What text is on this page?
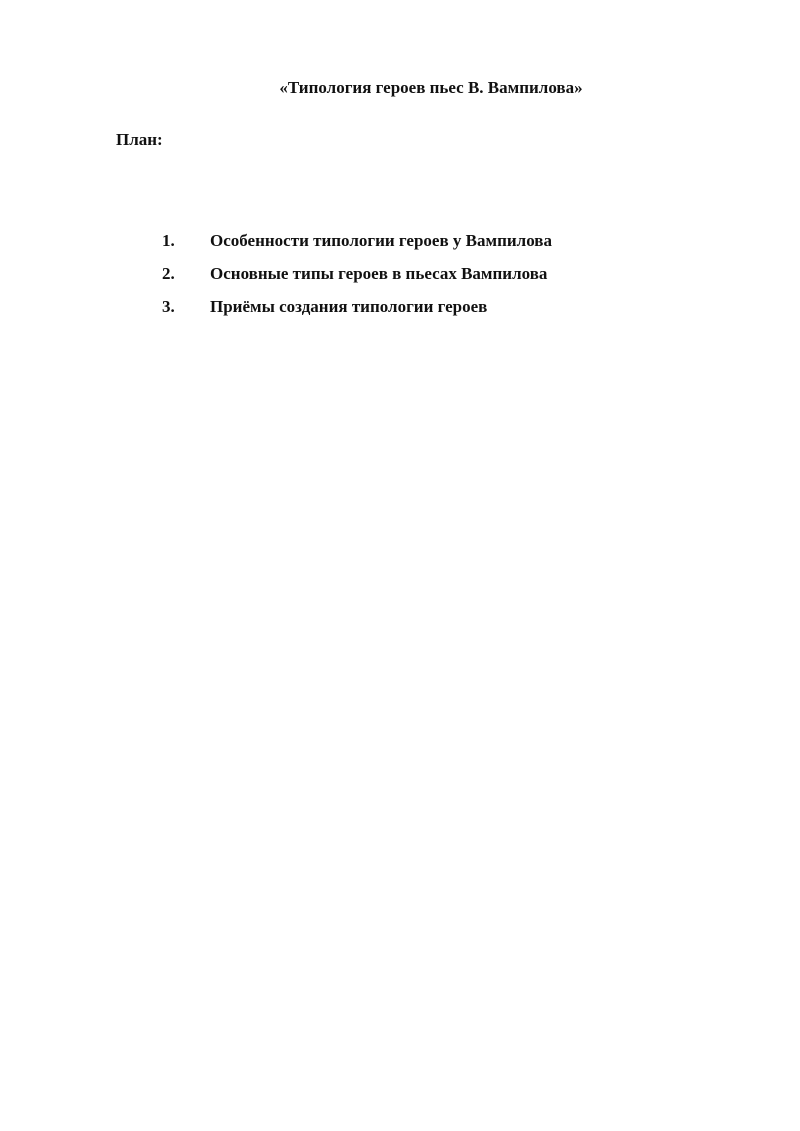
«Типология героев пьес В. Вампилова»
План:
1. Особенности типологии героев у Вампилова
2. Основные типы героев в пьесах Вампилова
3. Приёмы создания типологии героев
